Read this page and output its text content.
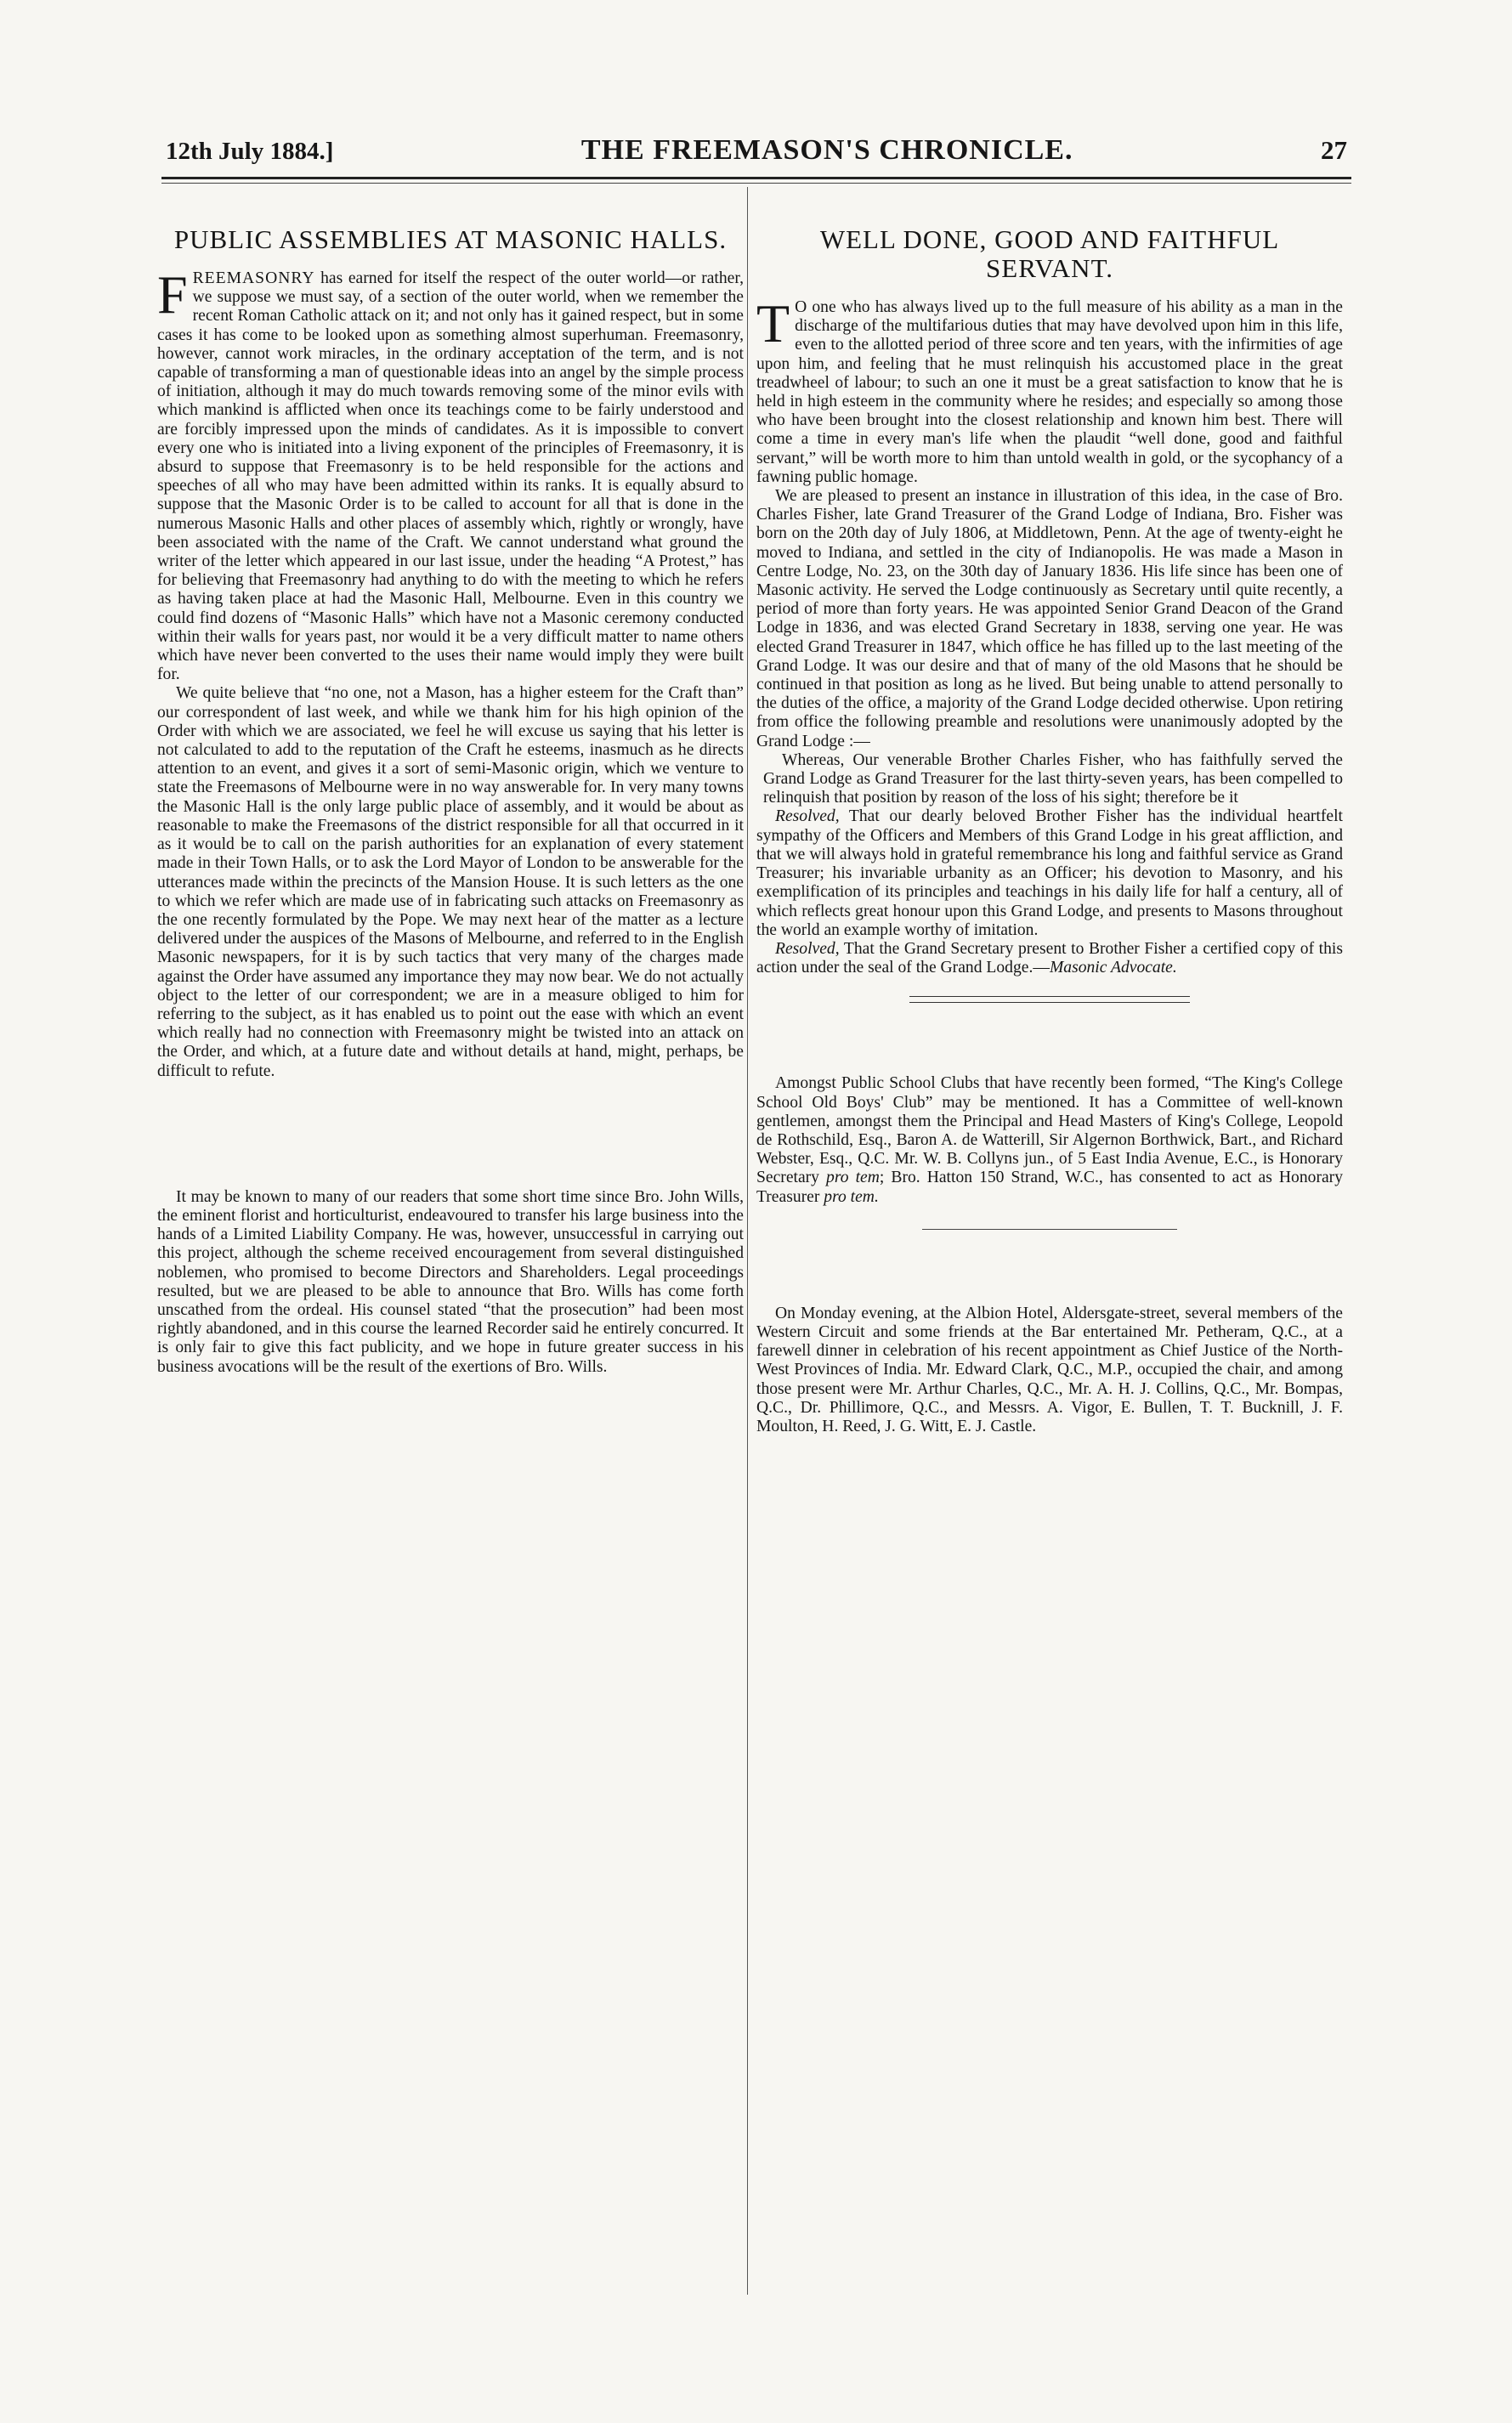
12th July 1884.]	THE FREEMASON'S CHRONICLE.	27
PUBLIC ASSEMBLIES AT MASONIC HALLS.

FREEMASONRY has earned for itself the respect of the outer world—or rather, we suppose we must say, of a section of the outer world, when we remember the recent Roman Catholic attack on it; and not only has it gained respect, but in some cases it has come to be looked upon as something almost superhuman. Freemasonry, however, cannot work miracles, in the ordinary acceptation of the term, and is not capable of transforming a man of questionable ideas into an angel by the simple process of initiation, although it may do much towards removing some of the minor evils with which mankind is afflicted when once its teachings come to be fairly understood and are forcibly impressed upon the minds of candidates. As it is impossible to convert every one who is initiated into a living exponent of the principles of Freemasonry, it is absurd to suppose that Freemasonry is to be held responsible for the actions and speeches of all who may have been admitted within its ranks. It is equally absurd to suppose that the Masonic Order is to be called to account for all that is done in the numerous Masonic Halls and other places of assembly which, rightly or wrongly, have been associated with the name of the Craft. We cannot understand what ground the writer of the letter which appeared in our last issue, under the heading “A Protest,” has for believing that Freemasonry had anything to do with the meeting to which he refers as having taken place at had the Masonic Hall, Melbourne. Even in this country we could find dozens of “Masonic Halls” which have not a Masonic ceremony conducted within their walls for years past, nor would it be a very difficult matter to name others which have never been converted to the uses their name would imply they were built for.

We quite believe that “no one, not a Mason, has a higher esteem for the Craft than” our correspondent of last week, and while we thank him for his high opinion of the Order with which we are associated, we feel he will excuse us saying that his letter is not calculated to add to the reputation of the Craft he esteems, inasmuch as he directs attention to an event, and gives it a sort of semi-Masonic origin, which we venture to state the Freemasons of Melbourne were in no way answerable for. In very many towns the Masonic Hall is the only large public place of assembly, and it would be about as reasonable to make the Freemasons of the district responsible for all that occurred in it as it would be to call on the parish authorities for an explanation of every statement made in their Town Halls, or to ask the Lord Mayor of London to be answerable for the utterances made within the precincts of the Mansion House. It is such letters as the one to which we refer which are made use of in fabricating such attacks on Freemasonry as the one recently formulated by the Pope. We may next hear of the matter as a lecture delivered under the auspices of the Masons of Melbourne, and referred to in the English Masonic newspapers, for it is by such tactics that very many of the charges made against the Order have assumed any importance they may now bear. We do not actually object to the letter of our correspondent; we are in a measure obliged to him for referring to the subject, as it has enabled us to point out the ease with which an event which really had no connection with Freemasonry might be twisted into an attack on the Order, and which, at a future date and without details at hand, might, perhaps, be difficult to refute.

It may be known to many of our readers that some short time since Bro. John Wills, the eminent florist and horticulturist, endeavoured to transfer his large business into the hands of a Limited Liability Company. He was, however, unsuccessful in carrying out this project, although the scheme received encouragement from several distinguished noblemen, who promised to become Directors and Shareholders. Legal proceedings resulted, but we are pleased to be able to announce that Bro. Wills has come forth unscathed from the ordeal. His counsel stated “that the prosecution” had been most rightly abandoned, and in this course the learned Recorder said he entirely concurred. It is only fair to give this fact publicity, and we hope in future greater success in his business avocations will be the result of the exertions of Bro. Wills.

WELL DONE, GOOD AND FAITHFUL SERVANT.

T O one who has always lived up to the full measure of his ability as a man in the discharge of the multifarious duties that may have devolved upon him in this life, even to the allotted period of three score and ten years, with the infirmities of age upon him, and feeling that he must relinquish his accustomed place in the great treadwheel of labour; to such an one it must be a great satisfaction to know that he is held in high esteem in the community where he resides; and especially so among those who have been brought into the closest relationship and known him best. There will come a time in every man's life when the plaudit “well done, good and faithful servant,” will be worth more to him than untold wealth in gold, or the sycophancy of a fawning public homage.

We are pleased to present an instance in illustration of this idea, in the case of Bro. Charles Fisher, late Grand Treasurer of the Grand Lodge of Indiana, Bro. Fisher was born on the 20th day of July 1806, at Middletown, Penn. At the age of twenty-eight he moved to Indiana, and settled in the city of Indianopolis. He was made a Mason in Centre Lodge, No. 23, on the 30th day of January 1836. His life since has been one of Masonic activity. He served the Lodge continuously as Secretary until quite recently, a period of more than forty years. He was appointed Senior Grand Deacon of the Grand Lodge in 1836, and was elected Grand Secretary in 1838, serving one year. He was elected Grand Treasurer in 1847, which office he has filled up to the last meeting of the Grand Lodge. It was our desire and that of many of the old Masons that he should be continued in that position as long as he lived. But being unable to attend personally to the duties of the office, a majority of the Grand Lodge decided otherwise. Upon retiring from office the following preamble and resolutions were unanimously adopted by the Grand Lodge :—

Whereas, Our venerable Brother Charles Fisher, who has faithfully served the Grand Lodge as Grand Treasurer for the last thirty-seven years, has been compelled to relinquish that position by reason of the loss of his sight; therefore be it

Resolved, That our dearly beloved Brother Fisher has the individual heartfelt sympathy of the Officers and Members of this Grand Lodge in his great affliction, and that we will always hold in grateful remembrance his long and faithful service as Grand Treasurer; his invariable urbanity as an Officer; his devotion to Masonry, and his exemplification of its principles and teachings in his daily life for half a century, all of which reflects great honour upon this Grand Lodge, and presents to Masons throughout the world an example worthy of imitation.

Resolved, That the Grand Secretary present to Brother Fisher a certified copy of this action under the seal of the Grand Lodge.—Masonic Advocate.

Amongst Public School Clubs that have recently been formed, “The King's College School Old Boys' Club” may be mentioned. It has a Committee of well-known gentlemen, amongst them the Principal and Head Masters of King's College, Leopold de Rothschild, Esq., Baron A. de Watterill, Sir Algernon Borthwick, Bart., and Richard Webster, Esq., Q.C. Mr. W. B. Collyns jun., of 5 East India Avenue, E.C., is Honorary Secretary pro tem; Bro. Hatton 150 Strand, W.C., has consented to act as Honorary Treasurer pro tem.

On Monday evening, at the Albion Hotel, Aldersgate-street, several members of the Western Circuit and some friends at the Bar entertained Mr. Petheram, Q.C., at a farewell dinner in celebration of his recent appointment as Chief Justice of the North-West Provinces of India. Mr. Edward Clark, Q.C., M.P., occupied the chair, and among those present were Mr. Arthur Charles, Q.C., Mr. A. H. J. Collins, Q.C., Mr. Bompas, Q.C., Dr. Phillimore, Q.C., and Messrs. A. Vigor, E. Bullen, T. T. Bucknill, J. F. Moulton, H. Reed, J. G. Witt, E. J. Castle.
